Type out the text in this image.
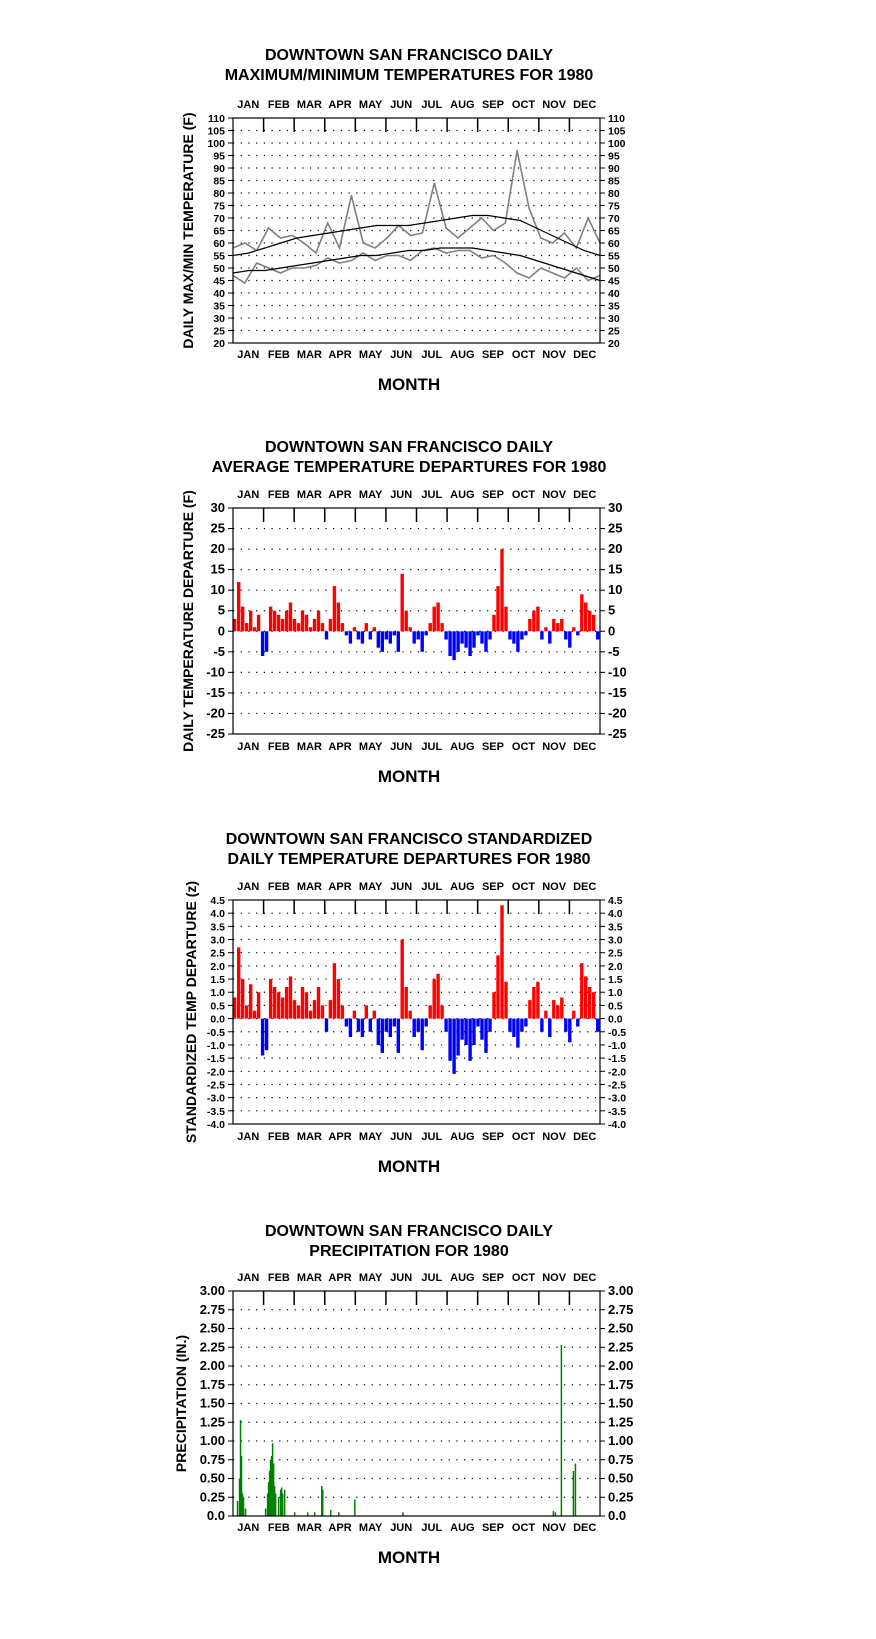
DOWNTOWN SAN FRANCISCO DAILY
MAXIMUM/MINIMUM TEMPERATURES FOR 1980
110	110
105	105
100	100
95	95
90	90
85	85
80	80
75	75
70	70
65	65
60	60
55	55
50	50
45	45
40	40
35	35
30	30
25	25
20	20
JAN
JAN
FEB
FEB
MAR
MAR
APR
APR
MAY
MAY
JUN
JUN
JUL
JUL
AUG
AUG
SEP
SEP
OCT
OCT
NOV
NOV
DEC
DEC
MONTH
DAILY MAX/MIN TEMPERATURE (F)
DOWNTOWN SAN FRANCISCO DAILY
AVERAGE TEMPERATURE DEPARTURES FOR 1980
30	30
25	25
20	20
15	15
10	10
5	5
0	0
-5	-5
-10	-10
-15	-15
-20	-20
-25	-25
JAN
JAN
FEB
FEB
MAR
MAR
APR
APR
MAY
MAY
JUN
JUN
JUL
JUL
AUG
AUG
SEP
SEP
OCT
OCT
NOV
NOV
DEC
DEC
MONTH
DAILY TEMPERATURE DEPARTURE (F)
DOWNTOWN SAN FRANCISCO STANDARDIZED
DAILY TEMPERATURE DEPARTURES FOR 1980
4.5	4.5
4.0	4.0
3.5	3.5
3.0	3.0
2.5	2.5
2.0	2.0
1.5	1.5
1.0	1.0
0.5	0.5
0.0	0.0
-0.5	-0.5
-1.0	-1.0
-1.5	-1.5
-2.0	-2.0
-2.5	-2.5
-3.0	-3.0
-3.5	-3.5
-4.0	-4.0
JAN
JAN
FEB
FEB
MAR
MAR
APR
APR
MAY
MAY
JUN
JUN
JUL
JUL
AUG
AUG
SEP
SEP
OCT
OCT
NOV
NOV
DEC
DEC
MONTH
STANDARDIZED TEMP DEPARTURE (z)
DOWNTOWN SAN FRANCISCO DAILY
PRECIPITATION FOR 1980
3.00	3.00
2.75	2.75
2.50	2.50
2.25	2.25
2.00	2.00
1.75	1.75
1.50	1.50
1.25	1.25
1.00	1.00
0.75	0.75
0.50	0.50
0.25	0.25
0.0	0.0
JAN
JAN
FEB
FEB
MAR
MAR
APR
APR
MAY
MAY
JUN
JUN
JUL
JUL
AUG
AUG
SEP
SEP
OCT
OCT
NOV
NOV
DEC
DEC
MONTH
PRECIPITATION (IN.)
